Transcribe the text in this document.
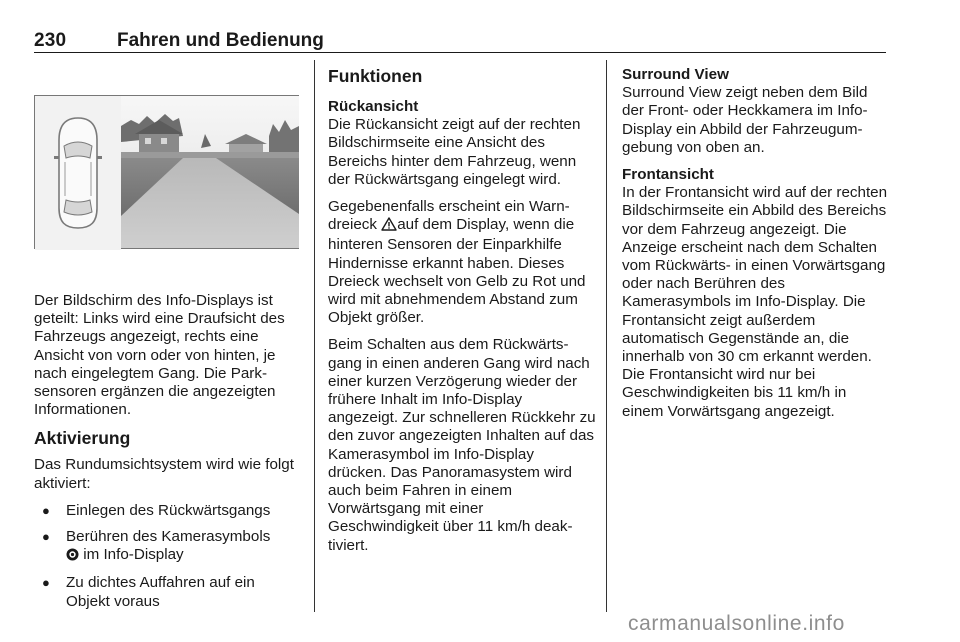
230	Fahren und Bedienung

Der Bildschirm des Info-Displays ist geteilt: Links wird eine Draufsicht des Fahrzeugs angezeigt, rechts eine Ansicht von vorn oder von hinten, je nach eingelegtem Gang. Die Parksensoren ergänzen die angezeigten Informationen.

Aktivierung

Das Rundumsichtsystem wird wie folgt aktiviert:

● Einlegen des Rückwärtsgangs
● Berühren des Kamerasymbols
im Info-Display
● Zu dichtes Auffahren auf ein Objekt voraus
Funktionen
Rückansicht

Die Rückansicht zeigt auf der rechten Bildschirmseite eine Ansicht des Bereichs hinter dem Fahrzeug, wenn der Rückwärtsgang eingelegt wird.

Gegebenenfalls erscheint ein Warndreieck auf dem Display, wenn die hinteren Sensoren der Einparkhilfe Hindernisse erkannt haben. Dieses Dreieck wechselt von Gelb zu Rot und wird mit abnehmendem Abstand zum Objekt größer.

Beim Schalten aus dem Rückwärtsgang in einen anderen Gang wird nach einer kurzen Verzögerung wieder der frühere Inhalt im Info-Display angezeigt. Zur schnelleren Rückkehr zu den zuvor angezeigten Inhalten auf das Kamerasymbol im Info-Display drücken. Das Panoramasystem wird auch beim Fahren in einem Vorwärtsgang mit einer Geschwindigkeit über 11 km/h deaktiviert.

Surround View

Surround View zeigt neben dem Bild der Front- oder Heckkamera im Info-Display ein Abbild der Fahrzeugumgebung von oben an.

Frontansicht

In der Frontansicht wird auf der rechten Bildschirmseite ein Abbild des Bereichs vor dem Fahrzeug angezeigt. Die Anzeige erscheint nach dem Schalten vom Rückwärts- in einen Vorwärtsgang oder nach Berühren des Kamerasymbols im Info-Display. Die Frontansicht zeigt außerdem automatisch Gegenstände an, die innerhalb von 30 cm erkannt werden. Die Frontansicht wird nur bei Geschwindigkeiten bis 11 km/h in einem Vorwärtsgang angezeigt.

carmanualsonline.info
